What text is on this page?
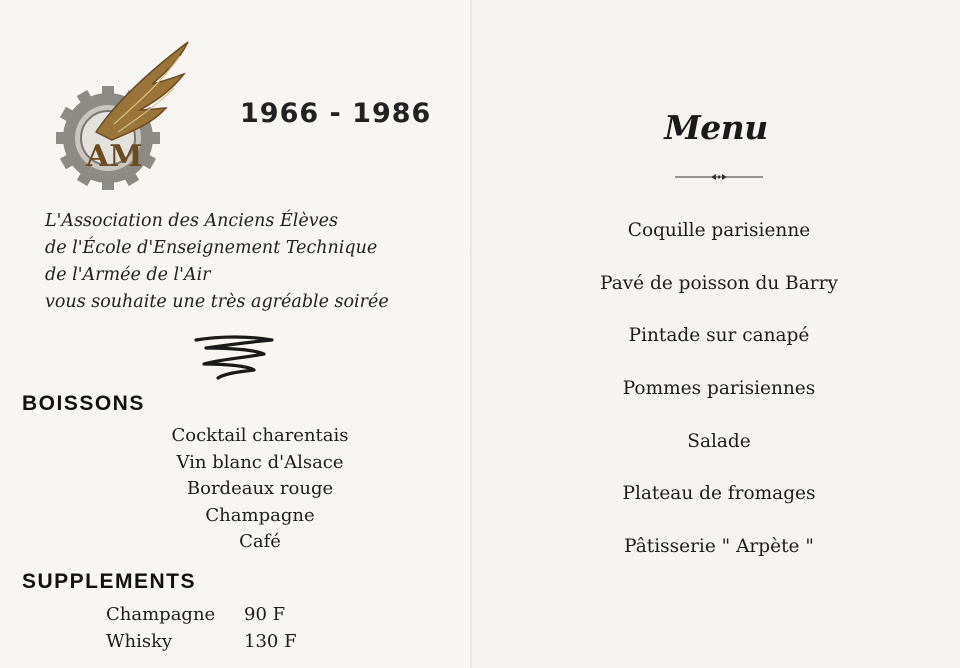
AM
1966 - 1986
L'Association des Anciens Élèves
de l'École d'Enseignement Technique
de l'Armée de l'Air
vous souhaite une très agréable soirée
BOISSONS
Cocktail charentais
Vin blanc d'Alsace
Bordeaux rouge
Champagne
Café
SUPPLEMENTS
Champagne	90 F
Whisky	130 F
Menu
Coquille parisienne
Pavé de poisson du Barry
Pintade sur canapé
Pommes parisiennes
Salade
Plateau de fromages
Pâtisserie " Arpète "
